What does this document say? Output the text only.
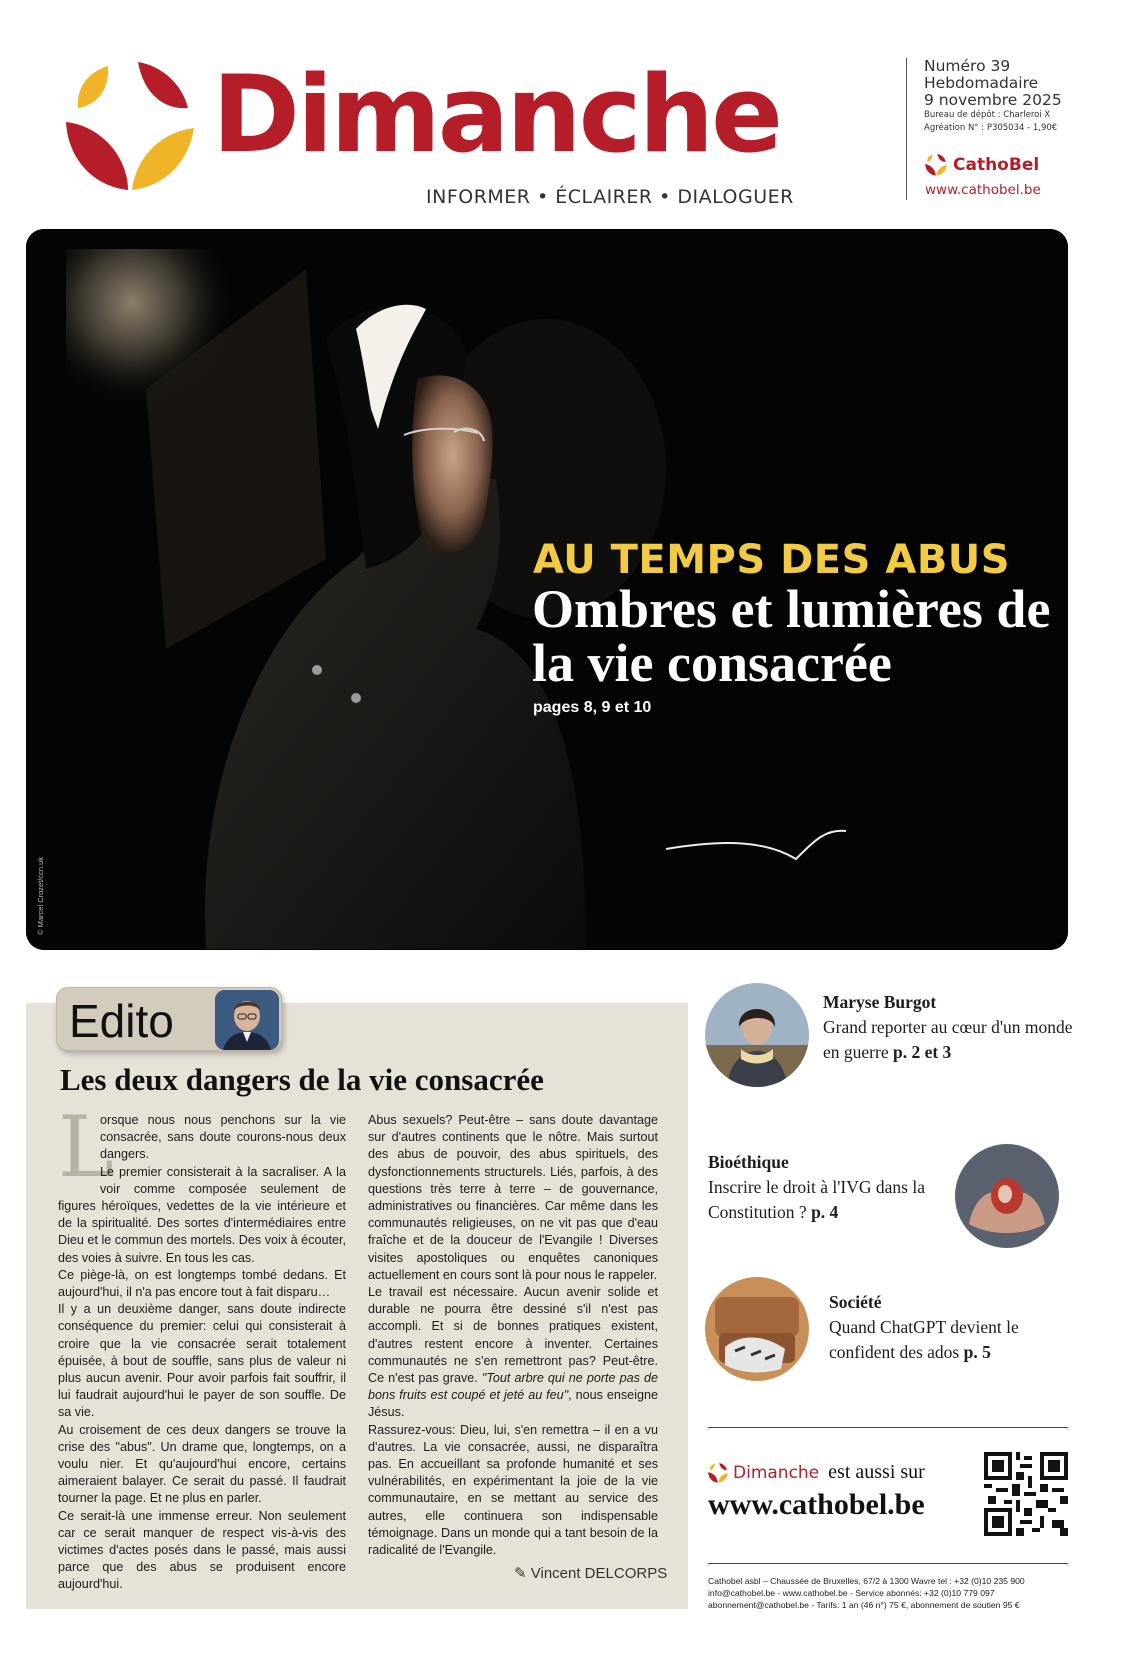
Dimanche
INFORMER • ÉCLAIRER • DIALOGUER
Numéro 39
Hebdomadaire
9 novembre 2025
Bureau de dépôt : Charleroi X
Agréation N° : P305034 - 1,90€
CathoBel
www.cathobel.be
© Marcel Crozet/ccn.uk
AU TEMPS DES ABUS
Ombres et lumières de la vie consacrée
pages 8, 9 et 10
Edito
Les deux dangers de la vie consacrée

L
orsque nous nous penchons sur la vie consacrée, sans doute courons-nous deux dangers.

Le premier consisterait à la sacraliser. A la voir comme composée seulement de figures héroïques, vedettes de la vie intérieure et de la spiritualité. Des sortes d'intermédiaires entre Dieu et le commun des mortels. Des voix à écouter, des voies à suivre. En tous les cas.

Ce piège-là, on est longtemps tombé dedans. Et aujourd'hui, il n'a pas encore tout à fait disparu…

Il y a un deuxième danger, sans doute indirecte conséquence du premier: celui qui consisterait à croire que la vie consacrée serait totalement épuisée, à bout de souffle, sans plus de valeur ni plus aucun avenir. Pour avoir parfois fait souffrir, il lui faudrait aujourd'hui le payer de son souffle. De sa vie.

Au croisement de ces deux dangers se trouve la crise des "abus". Un drame que, longtemps, on a voulu nier. Et qu'aujourd'hui encore, certains aimeraient balayer. Ce serait du passé. Il faudrait tourner la page. Et ne plus en parler.

Ce serait-là une immense erreur. Non seulement car ce serait manquer de respect vis-à-vis des victimes d'actes posés dans le passé, mais aussi parce que des abus se produisent encore aujourd'hui.

Abus sexuels? Peut-être – sans doute davantage sur d'autres continents que le nôtre. Mais surtout des abus de pouvoir, des abus spirituels, des dysfonctionnements structurels. Liés, parfois, à des questions très terre à terre – de gouvernance, administratives ou financières. Car même dans les communautés religieuses, on ne vit pas que d'eau fraîche et de la douceur de l'Evangile ! Diverses visites apostoliques ou enquêtes canoniques actuellement en cours sont là pour nous le rappeler.

Le travail est nécessaire. Aucun avenir solide et durable ne pourra être dessiné s'il n'est pas accompli. Et si de bonnes pratiques existent, d'autres restent encore à inventer. Certaines communautés ne s'en remettront pas? Peut-être. Ce n'est pas grave. "Tout arbre qui ne porte pas de bons fruits est coupé et jeté au feu", nous enseigne Jésus.

Rassurez-vous: Dieu, lui, s'en remettra – il en a vu d'autres. La vie consacrée, aussi, ne disparaîtra pas. En accueillant sa profonde humanité et ses vulnérabilités, en expérimentant la joie de la vie communautaire, en se mettant au service des autres, elle continuera son indispensable témoignage. Dans un monde qui a tant besoin de la radicalité de l'Evangile.

✎ Vincent DELCORPS
Maryse Burgot
Grand reporter au cœur d'un monde en guerre p. 2 et 3
Bioéthique
Inscrire le droit à l'IVG dans la Constitution ? p. 4
Société
Quand ChatGPT devient le confident des ados p. 5
Dimanche est aussi sur
www.cathobel.be
Cathobel asbl – Chaussée de Bruxelles, 67/2 à 1300 Wavre tel : +32 (0)10 235 900
info@cathobel.be - www.cathobel.be - Service abonnés: +32 (0)10 779 097
abonnement@cathobel.be - Tarifs: 1 an (46 n°) 75 €, abonnement de soutien 95 €
